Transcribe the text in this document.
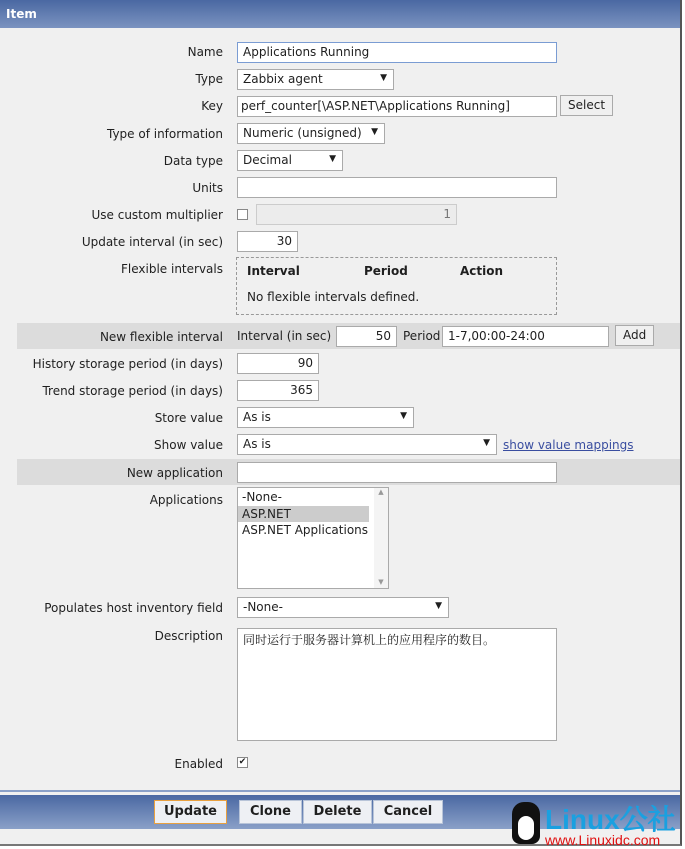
Item
Name	Applications Running
Type	Zabbix agent ▼
Key	perf_counter[\ASP.NET\Applications Running]	Select
Type of information	Numeric (unsigned) ▼
Data type	Decimal ▼
Units
Use custom multiplier	1
Update interval (in sec)	30
Flexible intervals Interval	Period	Action
No flexible intervals defined.
New flexible interval Interval (in sec)	50	Period 1-7,00:00-24:00	Add
History storage period (in days)	90
Trend storage period (in days)	365
Store value	As is ▼
Show value	As is ▼	show value mappings
New application
Applications	-None-
ASP.NET
ASP.NET Applications
▲
▼
Populates host inventory field	-None- ▼
Description	同时运行于服务器计算机上的应用程序的数目。
Enabled ✔
Update	Clone	Delete	Cancel	Linux公社
www.Linuxidc.com
